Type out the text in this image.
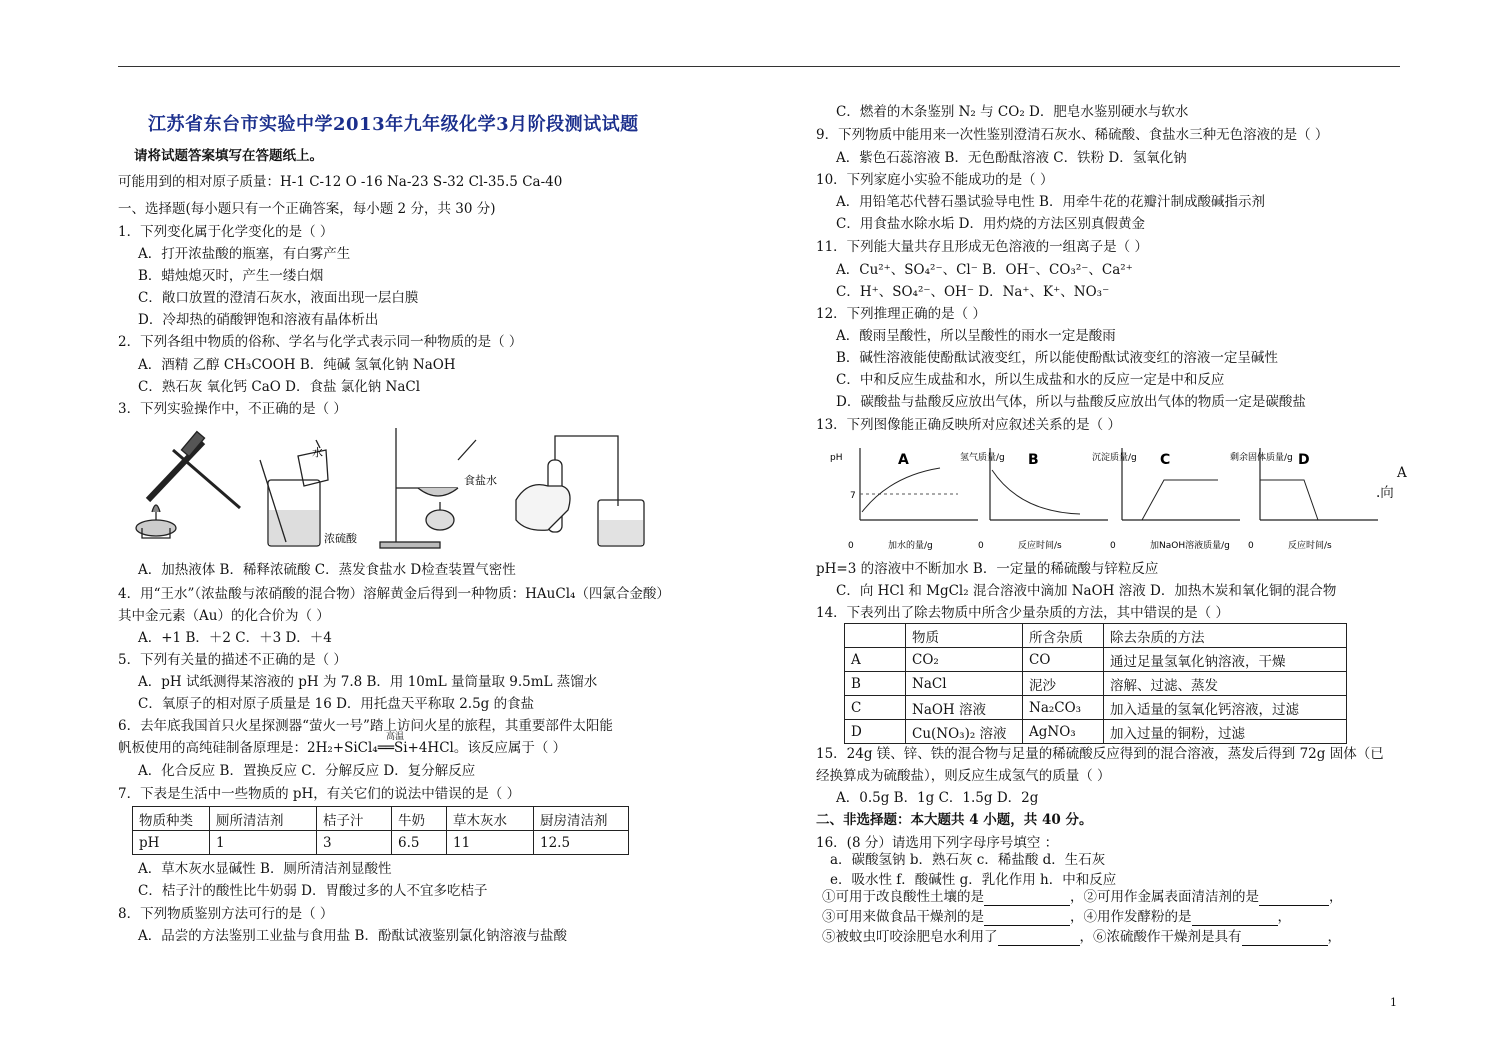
江苏省东台市实验中学2013年九年级化学3月阶段测试试题
请将试题答案填写在答题纸上。
可能用到的相对原子质量：H-1 C-12 O -16 Na-23 S-32 Cl-35.5 Ca-40
一、选择题(每小题只有一个正确答案，每小题 2 分，共 30 分)
水
浓硫酸
食盐水
物质种类	厕所清洁剂	桔子汁	牛奶	草木灰水	厨房清洁剂
pH	1	3	6.5	11	12.5
1．下列变化属于化学变化的是（ ）
A．打开浓盐酸的瓶塞，有白雾产生
B．蜡烛熄灭时，产生一缕白烟
C．敞口放置的澄清石灰水，液面出现一层白膜
D．冷却热的硝酸钾饱和溶液有晶体析出
2．下列各组中物质的俗称、学名与化学式表示同一种物质的是（ ）
A．酒精 乙醇 CH₃COOH B．纯碱 氢氧化钠 NaOH
C．熟石灰 氧化钙 CaO D．食盐 氯化钠 NaCl
3．下列实验操作中，不正确的是（ ）
A．加热液体 B．稀释浓硫酸 C．蒸发食盐水 D检查装置气密性
4．用“王水”（浓盐酸与浓硝酸的混合物）溶解黄金后得到一种物质：HAuCl₄（四氯合金酸）
其中金元素（Au）的化合价为（ ）
A．+1 B．＋2 C．＋3 D．＋4
5．下列有关量的描述不正确的是（ ）
A．pH 试纸测得某溶液的 pH 为 7.8 B．用 10mL 量筒量取 9.5mL 蒸馏水
C．氧原子的相对原子质量是 16 D．用托盘天平称取 2.5g 的食盐
6．去年底我国首只火星探测器“萤火一号”踏上访问火星的旅程，其重要部件太阳能
帆板使用的高纯硅制备原理是：2H₂+SiCl₄══Si+4HCl。该反应属于（ ）
A．化合反应 B．置换反应 C．分解反应 D．复分解反应
7．下表是生活中一些物质的 pH，有关它们的说法中错误的是（ ）
A．草木灰水显碱性 B．厕所清洁剂显酸性
C．桔子汁的酸性比牛奶弱 D．胃酸过多的人不宜多吃桔子
8．下列物质鉴别方法可行的是（ ）
A．品尝的方法鉴别工业盐与食用盐 B．酚酞试液鉴别氯化钠溶液与盐酸
高温
A
pH
加水的量/g
0
7
B
氢气质量/g
反应时间/s
0
C
沉淀质量/g
加NaOH溶液质量/g
0
D
剩余固体质量/g
反应时间/s
0
	物质	所含杂质	除去杂质的方法
A	CO₂	CO	通过足量氢氧化钠溶液，干燥
B	NaCl	泥沙	溶解、过滤、蒸发
C	NaOH 溶液	Na₂CO₃	加入适量的氢氧化钙溶液，过滤
D	Cu(NO₃)₂ 溶液	AgNO₃	加入过量的铜粉，过滤
二、非选择题：本大题共 4 小题，共 40 分。
①可用于改良酸性土壤的是	，②可用作金属表面清洁剂的是	，
③可用来做食品干燥剂的是	，④用作发酵粉的是	，
⑤被蚊虫叮咬涂肥皂水利用了	，⑥浓硫酸作干燥剂是具有	，
C．燃着的木条鉴别 N₂ 与 CO₂ D．肥皂水鉴别硬水与软水
9．下列物质中能用来一次性鉴别澄清石灰水、稀硫酸、食盐水三种无色溶液的是（ ）
A．紫色石蕊溶液 B．无色酚酞溶液 C．铁粉 D．氢氧化钠
10．下列家庭小实验不能成功的是（ ）
A．用铅笔芯代替石墨试验导电性 B．用牵牛花的花瓣汁制成酸碱指示剂
C．用食盐水除水垢 D．用灼烧的方法区别真假黄金
11．下列能大量共存且形成无色溶液的一组离子是（ ）
A．Cu²⁺、SO₄²⁻、Cl⁻ B．OH⁻、CO₃²⁻、Ca²⁺
C．H⁺、SO₄²⁻、OH⁻ D．Na⁺、K⁺、NO₃⁻
12．下列推理正确的是（ ）
A．酸雨呈酸性，所以呈酸性的雨水一定是酸雨
B．碱性溶液能使酚酞试液变红，所以能使酚酞试液变红的溶液一定呈碱性
C．中和反应生成盐和水，所以生成盐和水的反应一定是中和反应
D．碳酸盐与盐酸反应放出气体，所以与盐酸反应放出气体的物质一定是碳酸盐
13．下列图像能正确反映所对应叙述关系的是（ ）
pH=3 的溶液中不断加水 B．一定量的稀硫酸与锌粒反应
C．向 HCl 和 MgCl₂ 混合溶液中滴加 NaOH 溶液 D．加热木炭和氧化铜的混合物
14．下表列出了除去物质中所含少量杂质的方法，其中错误的是（ ）
15．24g 镁、锌、铁的混合物与足量的稀硫酸反应得到的混合溶液，蒸发后得到 72g 固体（已
经换算成为硫酸盐），则反应生成氢气的质量（ ）
A．0.5g B．1g C．1.5g D．2g
16．(8 分）请选用下列字母序号填空 ：
a．碳酸氢钠 b．熟石灰 c．稀盐酸 d．生石灰
e．吸水性 f．酸碱性 g．乳化作用 h．中和反应
A
.向
1
